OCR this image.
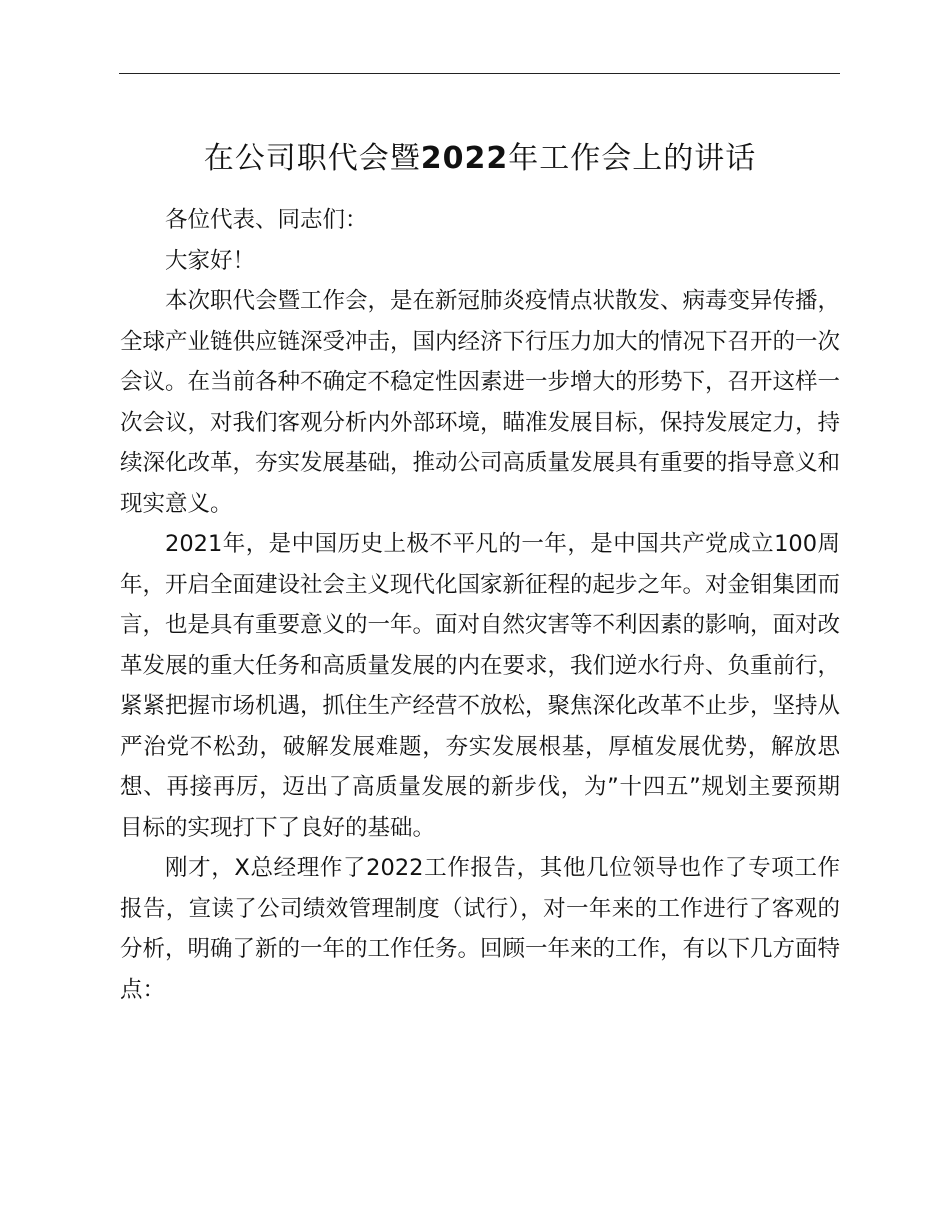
在公司职代会暨2022年工作会上的讲话

各位代表、同志们：

大家好！

本次职代会暨工作会，是在新冠肺炎疫情点状散发、病毒变异传播，全球产业链供应链深受冲击，国内经济下行压力加大的情况下召开的一次会议。在当前各种不确定不稳定性因素进一步增大的形势下，召开这样一次会议，对我们客观分析内外部环境，瞄准发展目标，保持发展定力，持续深化改革，夯实发展基础，推动公司高质量发展具有重要的指导意义和现实意义。

2021年，是中国历史上极不平凡的一年，是中国共产党成立100周年，开启全面建设社会主义现代化国家新征程的起步之年。对金钼集团而言，也是具有重要意义的一年。面对自然灾害等不利因素的影响，面对改革发展的重大任务和高质量发展的内在要求，我们逆水行舟、负重前行，紧紧把握市场机遇，抓住生产经营不放松，聚焦深化改革不止步，坚持从严治党不松劲，破解发展难题，夯实发展根基，厚植发展优势，解放思想、再接再厉，迈出了高质量发展的新步伐，为”十四五”规划主要预期目标的实现打下了良好的基础。

刚才，X总经理作了2022工作报告，其他几位领导也作了专项工作报告，宣读了公司绩效管理制度（试行），对一年来的工作进行了客观的分析，明确了新的一年的工作任务。回顾一年来的工作，有以下几方面特点：
